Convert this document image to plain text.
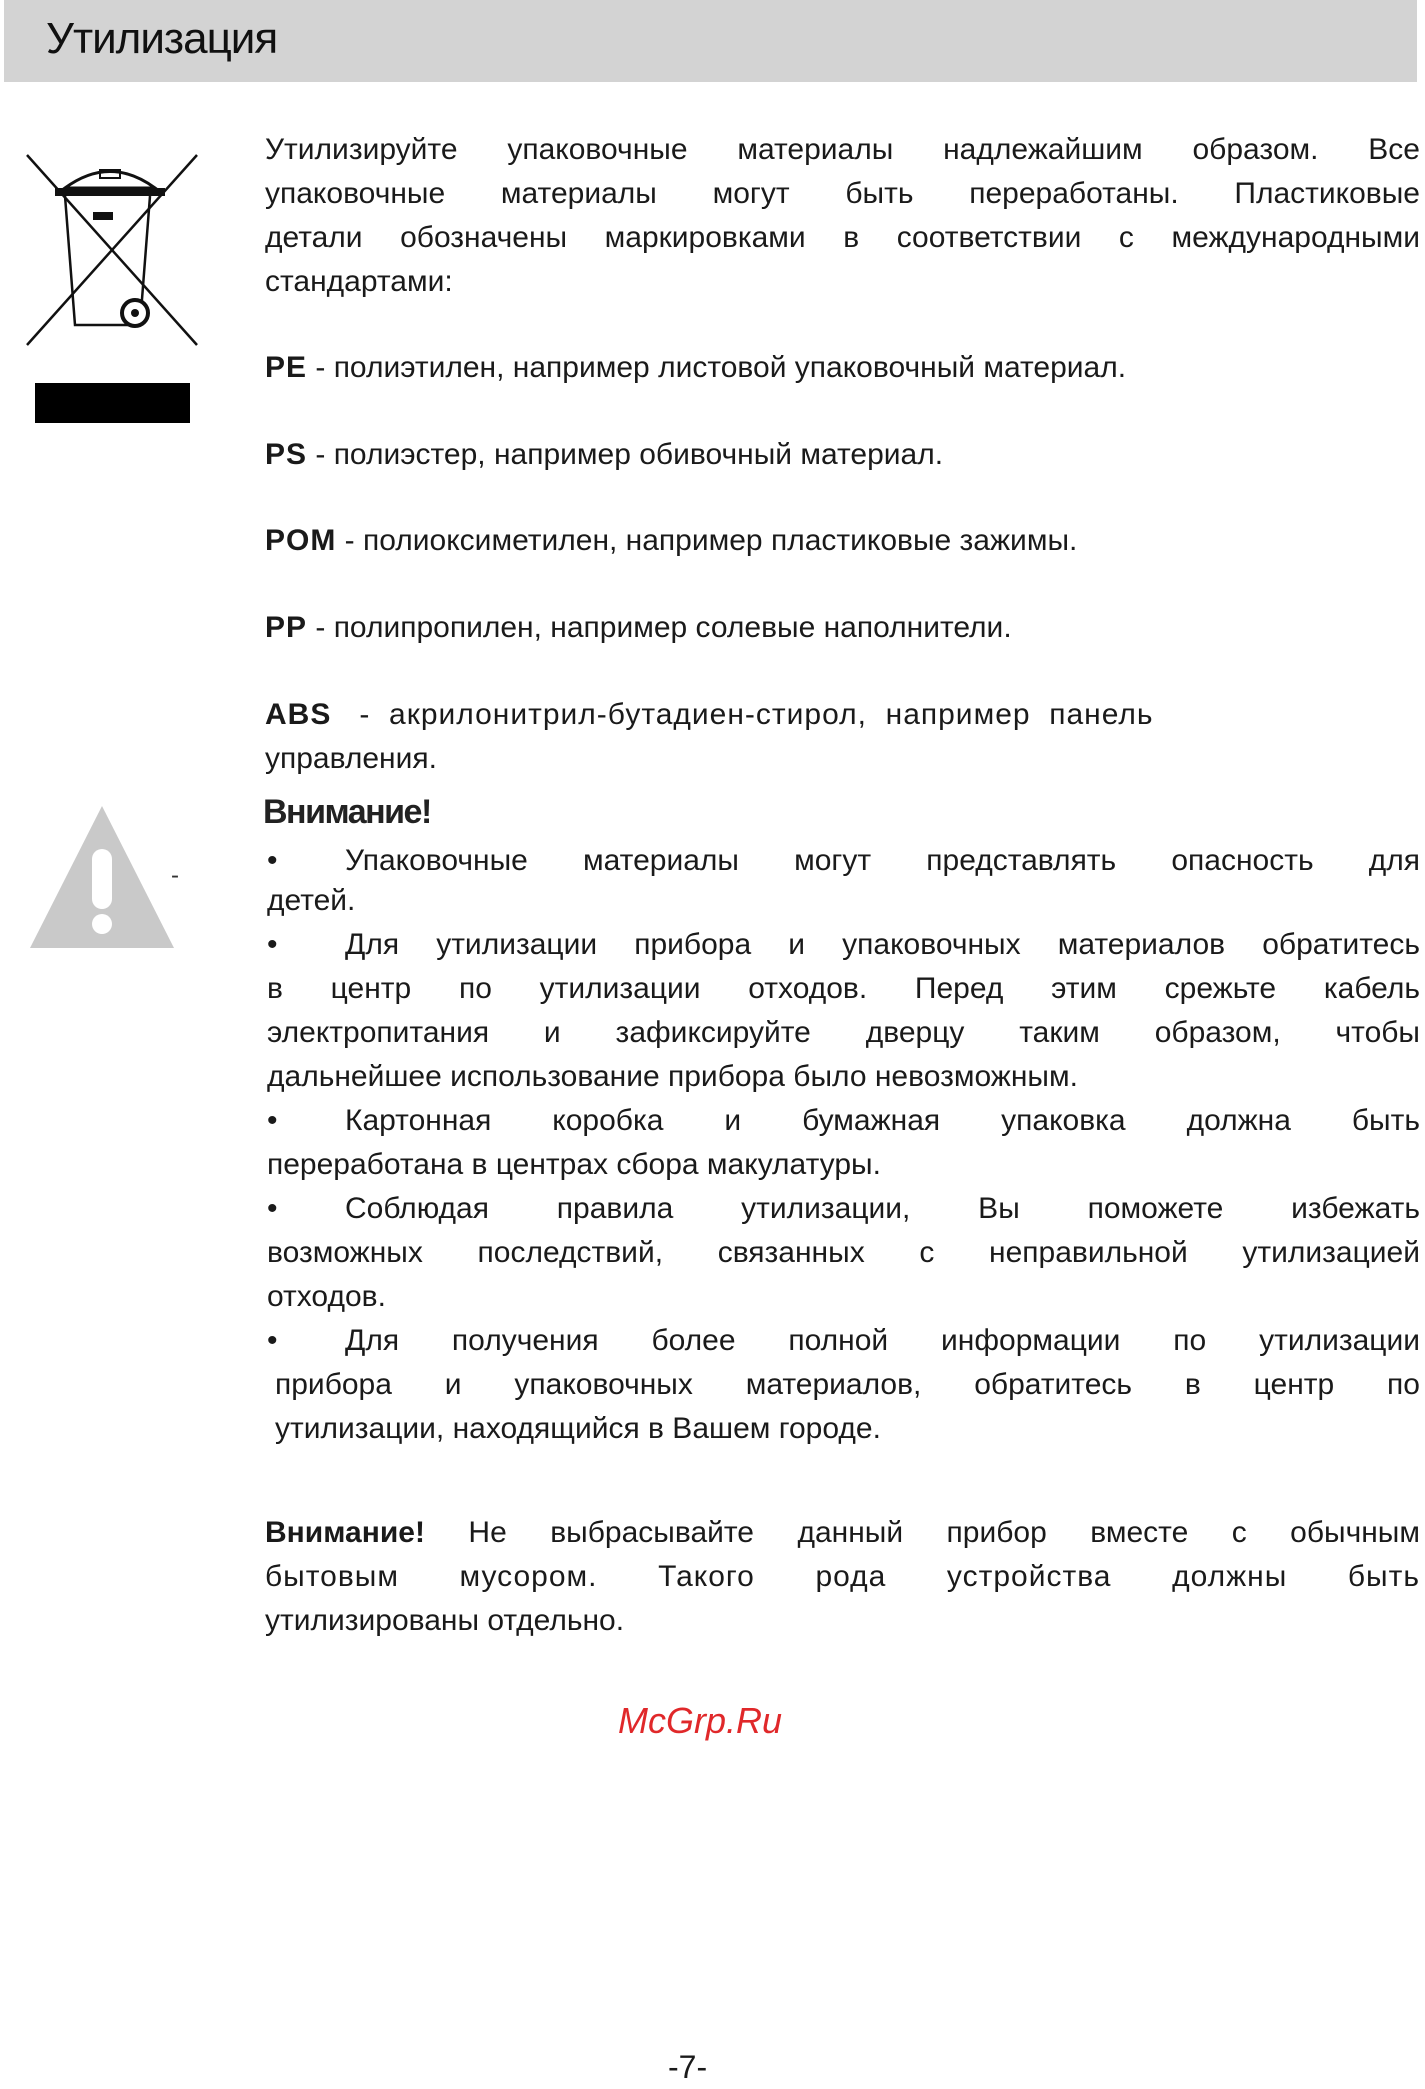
Утилизация
Утилизируйте упаковочные материалы надлежайшим образом. Все
упаковочные материалы могут быть переработаны. Пластиковые
детали обозначены маркировками в соответствии с международными
стандартами:
PE - полиэтилен, например листовой упаковочный материал.
PS - полиэстер, например обивочный материал.
POM - полиоксиметилен, например пластиковые зажимы.
PP - полипропилен, например солевые наполнители.
ABS   -  акрилонитрил-бутадиен-стирол,  например  панель
управления.
-
Внимание!
• Упаковочные материалы могут представлять опасность для
детей.
• Для утилизации прибора и упаковочных материалов обратитесь
в центр по утилизации отходов. Перед этим срежьте кабель
электропитания и зафиксируйте дверцу таким образом, чтобы
дальнейшее использование прибора было невозможным.
• Картонная коробка и бумажная упаковка должна быть
переработана в центрах сбора макулатуры.
• Соблюдая правила утилизации, Вы поможете избежать
возможных последствий, связанных с неправильной утилизацией
отходов.
• Для получения более полной информации по утилизации
прибора и упаковочных материалов, обратитесь в центр по
утилизации, находящийся в Вашем городе.
Внимание! Не выбрасывайте данный прибор вместе с обычным
бытовым мусором. Такого рода устройства должны быть
утилизированы отдельно.
McGrp.Ru
-7-
